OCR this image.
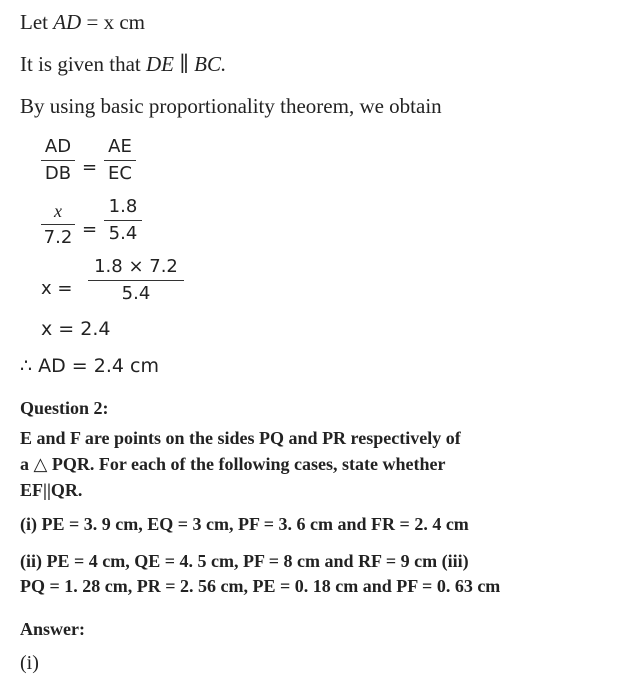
Let AD = x cm
It is given that DE ∥ BC.
By using basic proportionality theorem, we obtain
AD
DB =
AE
EC
x
7.2 =
1.8
5.4
x =
1.8 × 7.2
5.4
x = 2.4
∴ AD = 2.4 cm
Question 2:
E and F are points on the sides PQ and PR respectively of
a △ PQR. For each of the following cases, state whether
EF||QR.
(i) PE = 3. 9 cm, EQ = 3 cm, PF = 3. 6 cm and FR = 2. 4 cm
(ii) PE = 4 cm, QE = 4. 5 cm, PF = 8 cm and RF = 9 cm (iii)
PQ = 1. 28 cm, PR = 2. 56 cm, PE = 0. 18 cm and PF = 0. 63 cm
Answer:
(i)
